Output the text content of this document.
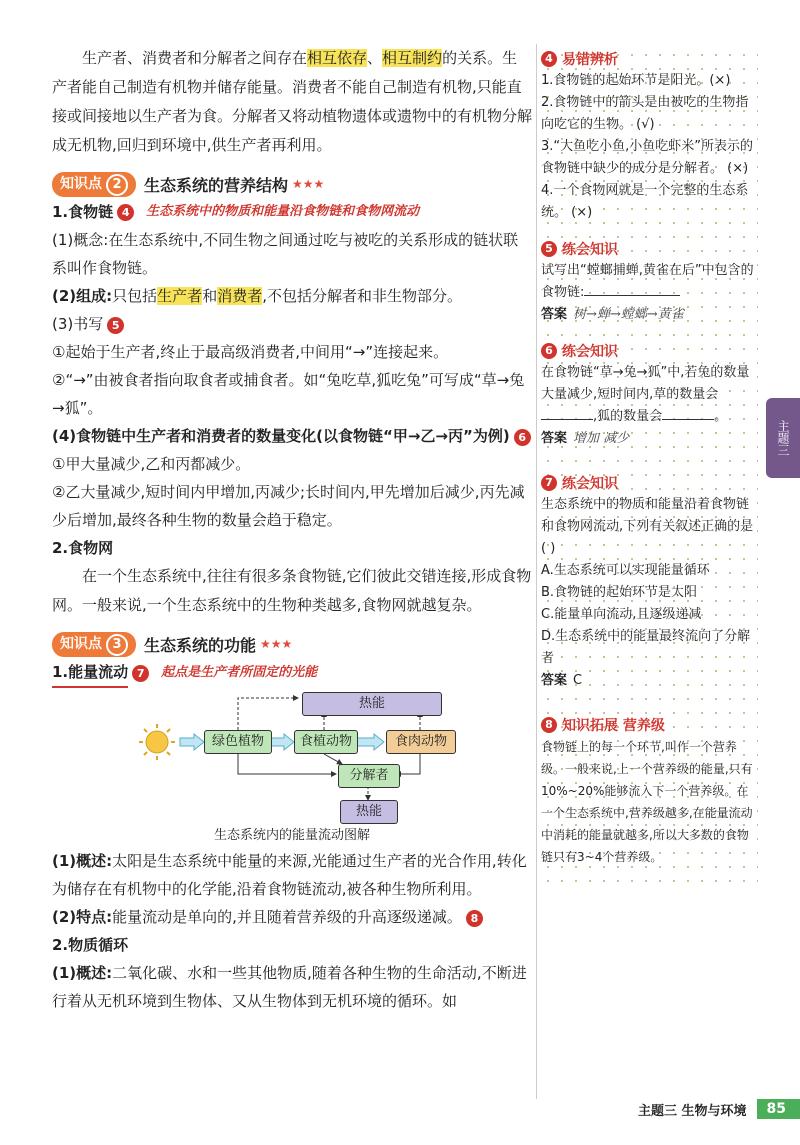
生产者、消费者和分解者之间存在相互依存、相互制约的关系。生产者能自己制造有机物并储存能量。消费者不能自己制造有机物,只能直接或间接地以生产者为食。分解者又将动植物遗体或遗物中的有机物分解成无机物,回归到环境中,供生产者再利用。
知识点 2	生态系统的营养结构 ★★★
1.食物链 4	生态系统中的物质和能量沿食物链和食物网流动
(1)概念:在生态系统中,不同生物之间通过吃与被吃的关系形成的链状联系叫作食物链。
(2)组成:只包括生产者和消费者,不包括分解者和非生物部分。
(3)书写 5
①起始于生产者,终止于最高级消费者,中间用“→”连接起来。
②“→”由被食者指向取食者或捕食者。如“兔吃草,狐吃兔”可写成“草→兔→狐”。
(4)食物链中生产者和消费者的数量变化(以食物链“甲→乙→丙”为例) 6
①甲大量减少,乙和丙都减少。
②乙大量减少,短时间内甲增加,丙减少;长时间内,甲先增加后减少,丙先减少后增加,最终各种生物的数量会趋于稳定。
2.食物网
在一个生态系统中,往往有很多条食物链,它们彼此交错连接,形成食物网。一般来说,一个生态系统中的生物种类越多,食物网就越复杂。
知识点 3	生态系统的功能 ★★★
1.能量流动 7	起点是生产者所固定的光能
热能
绿色植物	食植动物	食肉动物
分解者
热能
生态系统内的能量流动图解
(1)概述:太阳是生态系统中能量的来源,光能通过生产者的光合作用,转化为储存在有机物中的化学能,沿着食物链流动,被各种生物所利用。
(2)特点:能量流动是单向的,并且随着营养级的升高逐级递减。 8
2.物质循环
(1)概述:二氧化碳、水和一些其他物质,随着各种生物的生命活动,不断进行着从无机环境到生物体、又从生物体到无机环境的循环。如
4 易错辨析
1.食物链的起始环节是阳光。(×)
2.食物链中的箭头是由被吃的生物指向吃它的生物。 (√)
3.“大鱼吃小鱼,小鱼吃虾米”所表示的食物链中缺少的成分是分解者。 (×)
4.一个食物网就是一个完整的生态系统。 (×)
5 练会知识
试写出“螳螂捕蝉,黄雀在后”中包含的食物链:
答案 树→蝉→螳螂→黄雀
6 练会知识
在食物链“草→兔→狐”中,若兔的数量大量减少,短时间内,草的数量会,狐的数量会	。
答案 增加 减少
7 练会知识
生态系统中的物质和能量沿着食物链和食物网流动,下列有关叙述正确的是 ( )
A.生态系统可以实现能量循环
B.食物链的起始环节是太阳
C.能量单向流动,且逐级递减
D.生态系统中的能量最终流向了分解者
答案 C
8 知识拓展 营养级
食物链上的每一个环节,叫作一个营养级。一般来说,上一个营养级的能量,只有10%~20%能够流入下一个营养级。在一个生态系统中,营养级越多,在能量流动中消耗的能量就越多,所以大多数的食物链只有3~4个营养级。
主题三
主题三 生物与环境	85
